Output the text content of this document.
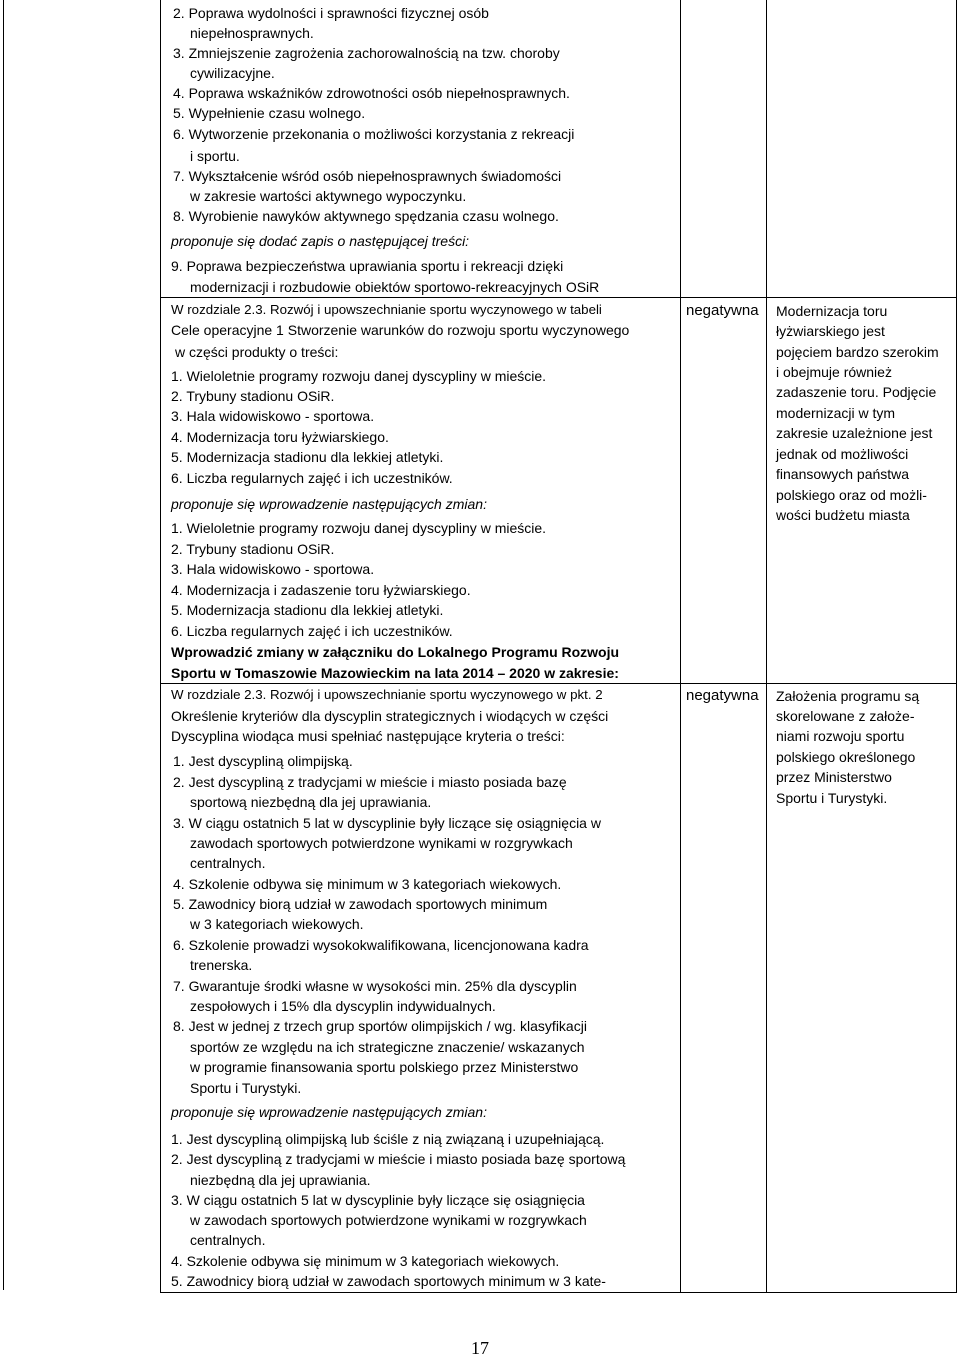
2. Poprawa wydolności i sprawności fizycznej osób
niepełnosprawnych.
3. Zmniejszenie zagrożenia zachorowalnością na tzw. choroby
cywilizacyjne.
4. Poprawa wskaźników zdrowotności osób niepełnosprawnych.
5. Wypełnienie czasu wolnego.
6. Wytworzenie przekonania o możliwości korzystania z rekreacji
i sportu.
7. Wykształcenie wśród osób niepełnosprawnych świadomości
w zakresie wartości aktywnego wypoczynku.
8. Wyrobienie nawyków aktywnego spędzania czasu wolnego.
proponuje się dodać zapis o następującej treści:
9. Poprawa bezpieczeństwa uprawiania sportu i rekreacji dzięki
modernizacji i rozbudowie obiektów sportowo-rekreacyjnych OSiR
W rozdziale 2.3. Rozwój i upowszechnianie sportu wyczynowego w tabeli
Cele operacyjne 1 Stworzenie warunków do rozwoju sportu wyczynowego
w części produkty o treści:
1. Wieloletnie programy rozwoju danej dyscypliny w mieście.
2. Trybuny stadionu OSiR.
3. Hala widowiskowo - sportowa.
4. Modernizacja toru łyżwiarskiego.
5. Modernizacja stadionu dla lekkiej atletyki.
6. Liczba regularnych zajęć i ich uczestników.
proponuje się wprowadzenie następujących zmian:
1. Wieloletnie programy rozwoju danej dyscypliny w mieście.
2. Trybuny stadionu OSiR.
3. Hala widowiskowo - sportowa.
4. Modernizacja i zadaszenie toru łyżwiarskiego.
5. Modernizacja stadionu dla lekkiej atletyki.
6. Liczba regularnych zajęć i ich uczestników.
Wprowadzić zmiany w załączniku do Lokalnego Programu Rozwoju
Sportu w Tomaszowie Mazowieckim na lata 2014 – 2020 w zakresie:
negatywna Modernizacja toru
łyżwiarskiego jest
pojęciem bardzo szerokim
i obejmuje również
zadaszenie toru. Podjęcie
modernizacji w tym
zakresie uzależnione jest
jednak od możliwości
finansowych państwa
polskiego oraz od możli-
wości budżetu miasta
W rozdziale 2.3. Rozwój i upowszechnianie sportu wyczynowego w pkt. 2
Określenie kryteriów dla dyscyplin strategicznych i wiodących w części
Dyscyplina wiodąca musi spełniać następujące kryteria o treści:
1. Jest dyscypliną olimpijską.
2. Jest dyscypliną z tradycjami w mieście i miasto posiada bazę
sportową niezbędną dla jej uprawiania.
3. W ciągu ostatnich 5 lat w dyscyplinie były liczące się osiągnięcia w
zawodach sportowych potwierdzone wynikami w rozgrywkach
centralnych.
4. Szkolenie odbywa się minimum w 3 kategoriach wiekowych.
5. Zawodnicy biorą udział w zawodach sportowych minimum
w 3 kategoriach wiekowych.
6. Szkolenie prowadzi wysokokwalifikowana, licencjonowana kadra
trenerska.
7. Gwarantuje środki własne w wysokości min. 25% dla dyscyplin
zespołowych i 15% dla dyscyplin indywidualnych.
8. Jest w jednej z trzech grup sportów olimpijskich / wg. klasyfikacji
sportów ze względu na ich strategiczne znaczenie/ wskazanych
w programie finansowania sportu polskiego przez Ministerstwo
Sportu i Turystyki.
proponuje się wprowadzenie następujących zmian:
1. Jest dyscypliną olimpijską lub ściśle z nią związaną i uzupełniającą.
2. Jest dyscypliną z tradycjami w mieście i miasto posiada bazę sportową
niezbędną dla jej uprawiania.
3. W ciągu ostatnich 5 lat w dyscyplinie były liczące się osiągnięcia
w zawodach sportowych potwierdzone wynikami w rozgrywkach
centralnych.
4. Szkolenie odbywa się minimum w 3 kategoriach wiekowych.
5. Zawodnicy biorą udział w zawodach sportowych minimum w 3 kate-
negatywna Założenia programu są
skorelowane z założe-
niami rozwoju sportu
polskiego określonego
przez Ministerstwo
Sportu i Turystyki.
17
